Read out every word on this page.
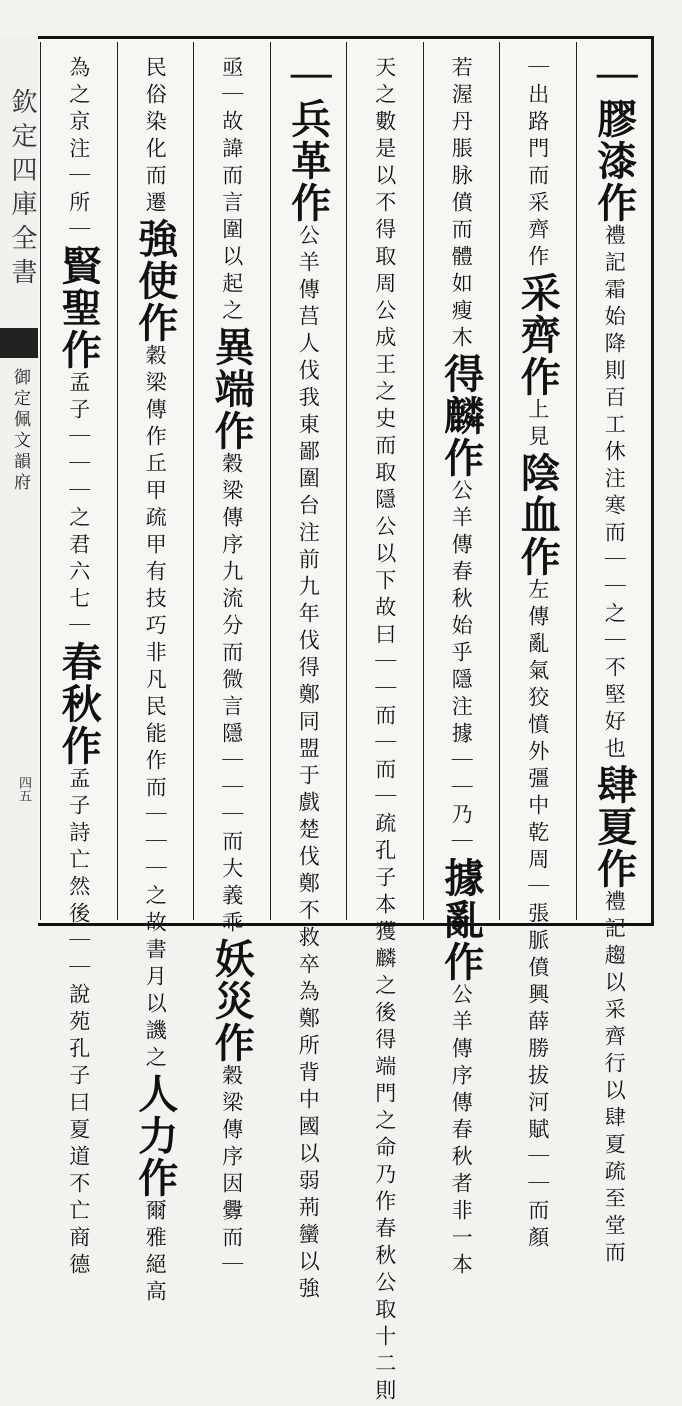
欽定四庫全書
御定佩文韻府
四五
｜膠漆作
禮記霜始降則百工休注寒而｜｜之｜不堅好也
肆夏作
禮記趨以采齊行以肆夏疏至堂而
｜出路門而采齊作
采齊作
上見
陰血作
左傳亂氣狡憤外彊中乾
周｜張脈僨興薛勝拔河賦｜｜而顏
若渥丹脹脉僨而體如瘦木
得麟作
公羊傳春秋始乎隱注據｜｜乃｜
據亂作
公羊傳序傳春秋者非一本
天之數是以不得取周公成王之史而取隱公以下故曰｜｜而
｜而｜疏孔子本獲麟之後得端門之命乃作春秋公取十二則
｜兵革作
公羊傳莒人伐我東鄙圍台注前九年伐得鄭同盟于戲楚伐鄭不救卒為鄭所背中國以弱荊蠻以強
亟｜故諱而言圍以起之
異端作
穀梁傳序九流分而微言隱｜｜｜而大義乖
妖災作
穀梁傳序因釁而｜
民俗染化而遷
強使作
穀梁傳作丘甲疏甲有技巧非凡民能作而｜｜｜之故書月以譏之
人力作
爾雅絕高
為之京注｜所｜
賢聖作
孟子｜｜｜之君六七｜
春秋作
孟子詩亡然後｜｜說苑孔子曰夏道不亡商德
